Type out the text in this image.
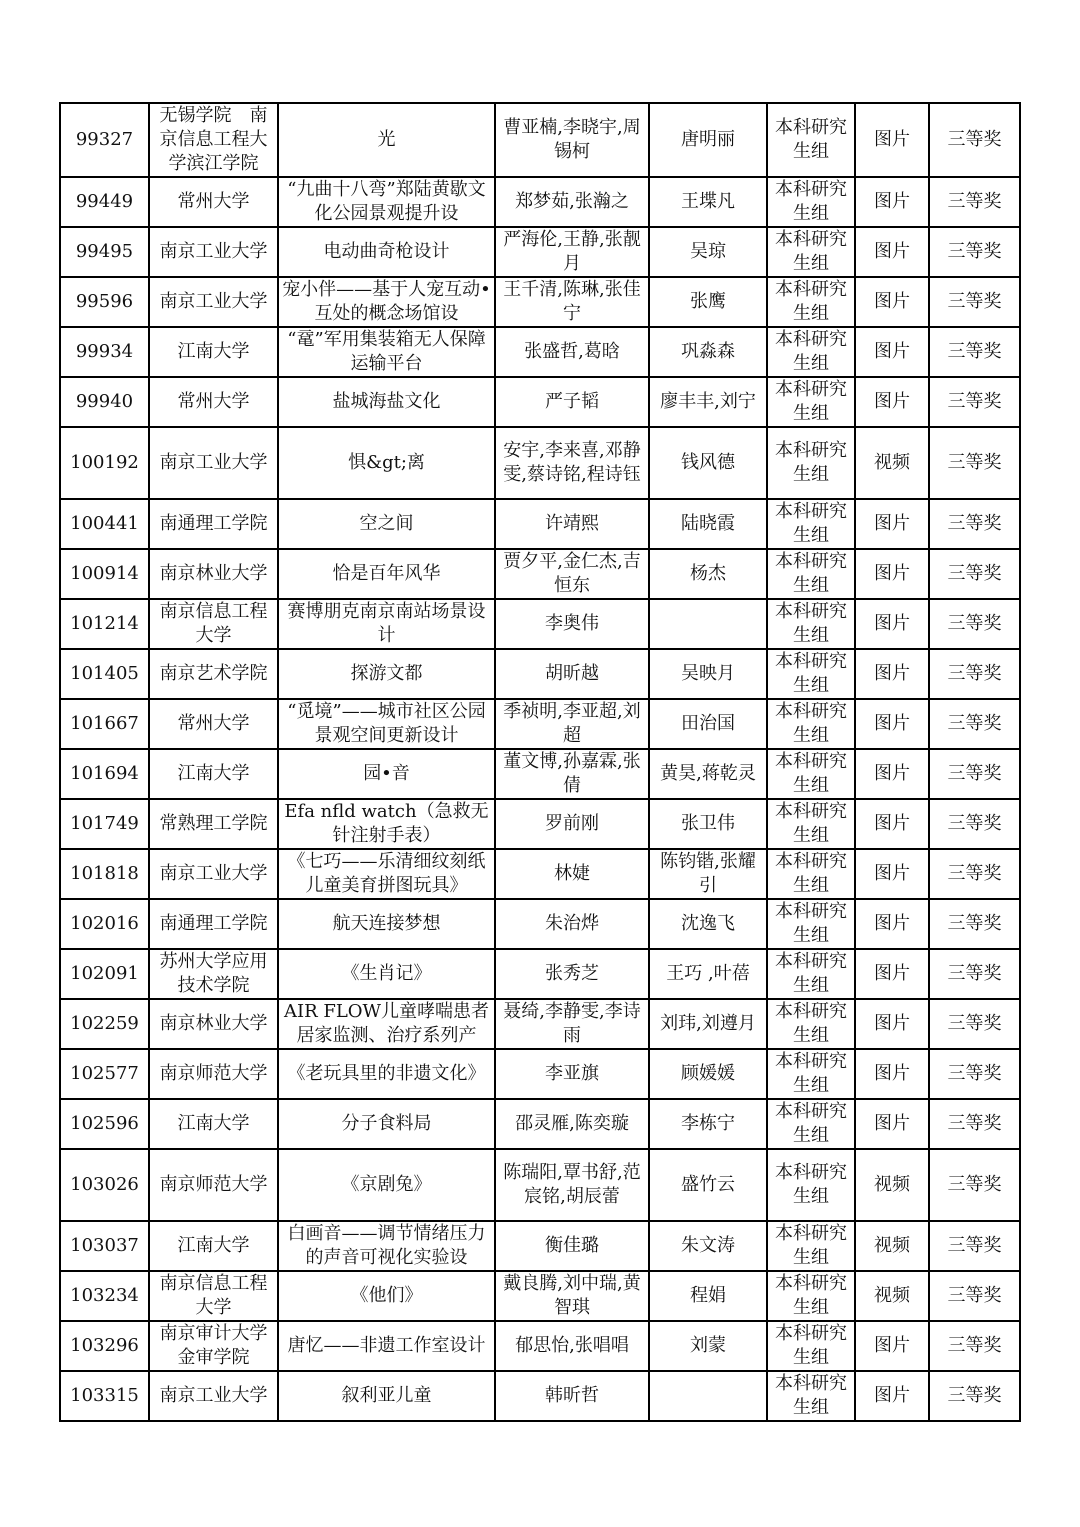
99327	无锡学院　南京信息工程大学滨江学院	光	曹亚楠,李晓宇,周锡柯	唐明丽	本科研究生组	图片	三等奖
99449	常州大学	“九曲十八弯”郑陆黄歇文化公园景观提升设	郑梦茹,张瀚之	王堞凡	本科研究生组	图片	三等奖
99495	南京工业大学	电动曲奇枪设计	严海伦,王静,张靓月	吴琼	本科研究生组	图片	三等奖
99596	南京工业大学	宠小伴——基于人宠互动•互处的概念场馆设	王千清,陈琳,张佳宁	张鹰	本科研究生组	图片	三等奖
99934	江南大学	“鼋”军用集装箱无人保障运输平台	张盛哲,葛晗	巩淼森	本科研究生组	图片	三等奖
99940	常州大学	盐城海盐文化	严子韬	廖丰丰,刘宁	本科研究生组	图片	三等奖
100192	南京工业大学	惧&gt;离	安宇,李来喜,邓静雯,蔡诗铭,程诗钰	钱风德	本科研究生组	视频	三等奖
100441	南通理工学院	空之间	许靖熙	陆晓霞	本科研究生组	图片	三等奖
100914	南京林业大学	恰是百年风华	贾夕平,金仁杰,吉恒东	杨杰	本科研究生组	图片	三等奖
101214	南京信息工程大学	赛博朋克南京南站场景设计	李奥伟		本科研究生组	图片	三等奖
101405	南京艺术学院	探游文都	胡昕越	吴映月	本科研究生组	图片	三等奖
101667	常州大学	“觅境”——城市社区公园景观空间更新设计	季祯明,李亚超,刘超	田治国	本科研究生组	图片	三等奖
101694	江南大学	园•音	董文博,孙嘉霖,张倩	黄昊,蒋乾灵	本科研究生组	图片	三等奖
101749	常熟理工学院	Efa nfld watch（急救无针注射手表）	罗前刚	张卫伟	本科研究生组	图片	三等奖
101818	南京工业大学	《七巧——乐清细纹刻纸儿童美育拼图玩具》	林婕	陈钧锴,张耀引	本科研究生组	图片	三等奖
102016	南通理工学院	航天连接梦想	朱治烨	沈逸飞	本科研究生组	图片	三等奖
102091	苏州大学应用技术学院	《生肖记》	张秀芝	王巧 ,叶蓓	本科研究生组	图片	三等奖
102259	南京林业大学	AIR FLOW儿童哮喘患者居家监测、治疗系列产	聂绮,李静雯,李诗雨	刘玮,刘遵月	本科研究生组	图片	三等奖
102577	南京师范大学	《老玩具里的非遗文化》	李亚旗	顾媛媛	本科研究生组	图片	三等奖
102596	江南大学	分子食料局	邵灵雁,陈奕璇	李栋宁	本科研究生组	图片	三等奖
103026	南京师范大学	《京剧兔》	陈瑞阳,覃书舒,范宸铭,胡辰蕾	盛竹云	本科研究生组	视频	三等奖
103037	江南大学	白画音——调节情绪压力的声音可视化实验设	衡佳璐	朱文涛	本科研究生组	视频	三等奖
103234	南京信息工程大学	《他们》	戴良腾,刘中瑞,黄智琪	程娟	本科研究生组	视频	三等奖
103296	南京审计大学金审学院	唐忆——非遗工作室设计	郁思怡,张唱唱	刘蒙	本科研究生组	图片	三等奖
103315	南京工业大学	叙利亚儿童	韩昕哲		本科研究生组	图片	三等奖
